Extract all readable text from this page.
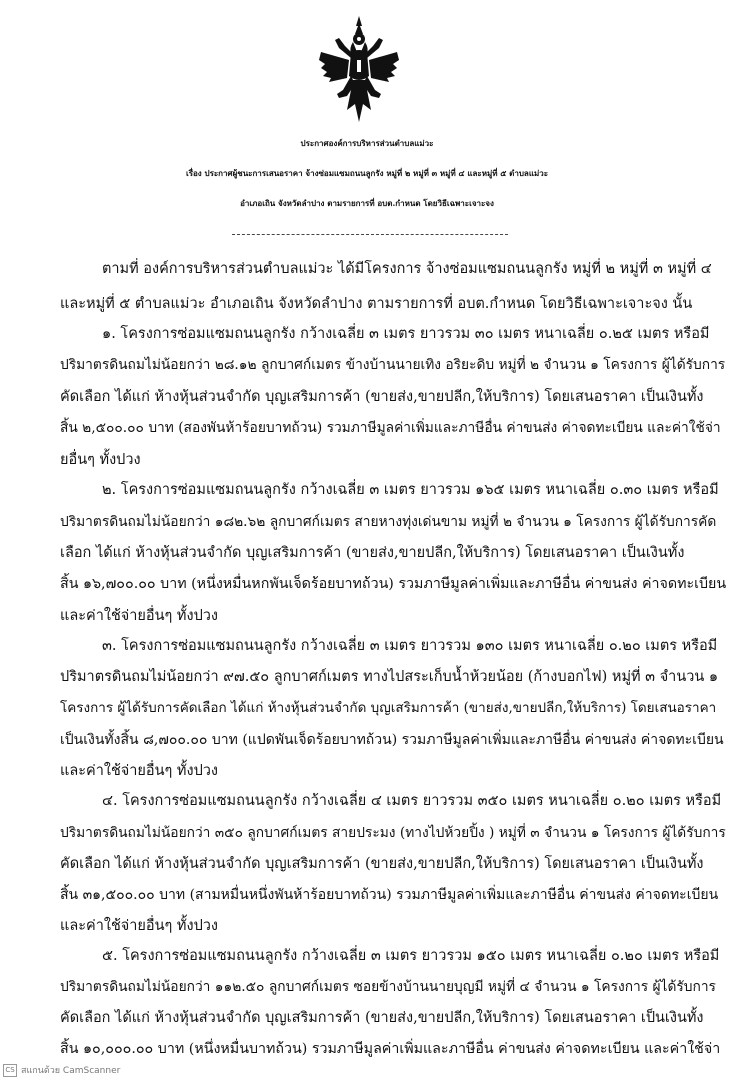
ประกาศองค์การบริหารส่วนตำบลแม่วะ
เรื่อง ประกาศผู้ชนะการเสนอราคา จ้างซ่อมแซมถนนลูกรัง หมู่ที่ ๒ หมู่ที่ ๓ หมู่ที่ ๔ และหมู่ที่ ๕ ตำบลแม่วะ
อำเภอเถิน จังหวัดลำปาง ตามรายการที่ อบต.กำหนด โดยวิธีเฉพาะเจาะจง
ตามที่ องค์การบริหารส่วนตำบลแม่วะ ได้มีโครงการ จ้างซ่อมแซมถนนลูกรัง หมู่ที่ ๒ หมู่ที่ ๓ หมู่ที่ ๔
และหมู่ที่ ๕ ตำบลแม่วะ อำเภอเถิน จังหวัดลำปาง ตามรายการที่ อบต.กำหนด โดยวิธีเฉพาะเจาะจง นั้น
๑. โครงการซ่อมแซมถนนลูกรัง กว้างเฉลี่ย ๓ เมตร ยาวรวม ๓๐ เมตร หนาเฉลี่ย ๐.๒๕ เมตร หรือมี
ปริมาตรดินถมไม่น้อยกว่า ๒๘.๑๒ ลูกบาศก์เมตร ข้างบ้านนายเทิง อริยะดิบ หมู่ที่ ๒ จำนวน ๑ โครงการ ผู้ได้รับการ
คัดเลือก ได้แก่ ห้างหุ้นส่วนจำกัด บุญเสริมการค้า (ขายส่ง,ขายปลีก,ให้บริการ) โดยเสนอราคา เป็นเงินทั้ง
สิ้น ๒,๕๐๐.๐๐ บาท (สองพันห้าร้อยบาทถ้วน) รวมภาษีมูลค่าเพิ่มและภาษีอื่น ค่าขนส่ง ค่าจดทะเบียน และค่าใช้จ่า
ยอื่นๆ ทั้งปวง
๒. โครงการซ่อมแซมถนนลูกรัง กว้างเฉลี่ย ๓ เมตร ยาวรวม ๑๖๕ เมตร หนาเฉลี่ย ๐.๓๐ เมตร หรือมี
ปริมาตรดินถมไม่น้อยกว่า ๑๘๒.๖๒ ลูกบาศก์เมตร สายหางทุ่งเด่นขาม หมู่ที่ ๒ จำนวน ๑ โครงการ ผู้ได้รับการคัด
เลือก ได้แก่ ห้างหุ้นส่วนจำกัด บุญเสริมการค้า (ขายส่ง,ขายปลีก,ให้บริการ) โดยเสนอราคา เป็นเงินทั้ง
สิ้น ๑๖,๗๐๐.๐๐ บาท (หนึ่งหมื่นหกพันเจ็ดร้อยบาทถ้วน) รวมภาษีมูลค่าเพิ่มและภาษีอื่น ค่าขนส่ง ค่าจดทะเบียน
และค่าใช้จ่ายอื่นๆ ทั้งปวง
๓. โครงการซ่อมแซมถนนลูกรัง กว้างเฉลี่ย ๓ เมตร ยาวรวม ๑๓๐ เมตร หนาเฉลี่ย ๐.๒๐ เมตร หรือมี
ปริมาตรดินถมไม่น้อยกว่า ๙๗.๕๐ ลูกบาศก์เมตร ทางไปสระเก็บน้ำห้วยน้อย (ก้างบอกไฟ) หมู่ที่ ๓ จำนวน ๑
โครงการ ผู้ได้รับการคัดเลือก ได้แก่ ห้างหุ้นส่วนจำกัด บุญเสริมการค้า (ขายส่ง,ขายปลีก,ให้บริการ) โดยเสนอราคา
เป็นเงินทั้งสิ้น ๘,๗๐๐.๐๐ บาท (แปดพันเจ็ดร้อยบาทถ้วน) รวมภาษีมูลค่าเพิ่มและภาษีอื่น ค่าขนส่ง ค่าจดทะเบียน
และค่าใช้จ่ายอื่นๆ ทั้งปวง
๔. โครงการซ่อมแซมถนนลูกรัง กว้างเฉลี่ย ๔ เมตร ยาวรวม ๓๕๐ เมตร หนาเฉลี่ย ๐.๒๐ เมตร หรือมี
ปริมาตรดินถมไม่น้อยกว่า ๓๕๐ ลูกบาศก์เมตร สายประมง (ทางไปห้วยปิ้ง ) หมู่ที่ ๓ จำนวน ๑ โครงการ ผู้ได้รับการ
คัดเลือก ได้แก่ ห้างหุ้นส่วนจำกัด บุญเสริมการค้า (ขายส่ง,ขายปลีก,ให้บริการ) โดยเสนอราคา เป็นเงินทั้ง
สิ้น ๓๑,๕๐๐.๐๐ บาท (สามหมื่นหนึ่งพันห้าร้อยบาทถ้วน) รวมภาษีมูลค่าเพิ่มและภาษีอื่น ค่าขนส่ง ค่าจดทะเบียน
และค่าใช้จ่ายอื่นๆ ทั้งปวง
๕. โครงการซ่อมแซมถนนลูกรัง กว้างเฉลี่ย ๓ เมตร ยาวรวม ๑๕๐ เมตร หนาเฉลี่ย ๐.๒๐ เมตร หรือมี
ปริมาตรดินถมไม่น้อยกว่า ๑๑๒.๕๐ ลูกบาศก์เมตร ซอยข้างบ้านนายบุญมี หมู่ที่ ๔ จำนวน ๑ โครงการ ผู้ได้รับการ
คัดเลือก ได้แก่ ห้างหุ้นส่วนจำกัด บุญเสริมการค้า (ขายส่ง,ขายปลีก,ให้บริการ) โดยเสนอราคา เป็นเงินทั้ง
สิ้น ๑๐,๐๐๐.๐๐ บาท (หนึ่งหมื่นบาทถ้วน) รวมภาษีมูลค่าเพิ่มและภาษีอื่น ค่าขนส่ง ค่าจดทะเบียน และค่าใช้จ่า
CS สแกนด้วย CamScanner
